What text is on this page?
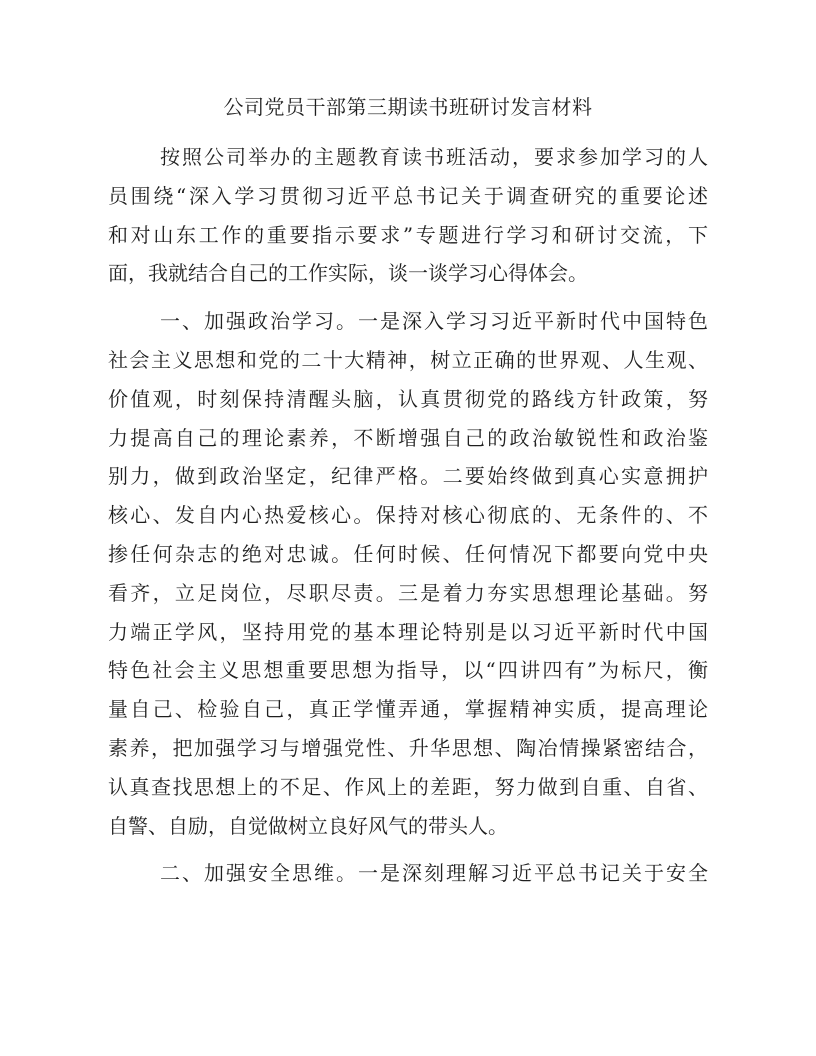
公司党员干部第三期读书班研讨发言材料
按照公司举办的主题教育读书班活动，要求参加学习的人
员围绕“深入学习贯彻习近平总书记关于调查研究的重要论述
和对山东工作的重要指示要求”专题进行学习和研讨交流，下
面，我就结合自己的工作实际，谈一谈学习心得体会。
一、加强政治学习。一是深入学习习近平新时代中国特色
社会主义思想和党的二十大精神，树立正确的世界观、人生观、
价值观，时刻保持清醒头脑，认真贯彻党的路线方针政策，努
力提高自己的理论素养，不断增强自己的政治敏锐性和政治鉴
别力，做到政治坚定，纪律严格。二要始终做到真心实意拥护
核心、发自内心热爱核心。保持对核心彻底的、无条件的、不
掺任何杂志的绝对忠诚。任何时候、任何情况下都要向党中央
看齐，立足岗位，尽职尽责。三是着力夯实思想理论基础。努
力端正学风，坚持用党的基本理论特别是以习近平新时代中国
特色社会主义思想重要思想为指导，以“四讲四有”为标尺，衡
量自己、检验自己，真正学懂弄通，掌握精神实质，提高理论
素养，把加强学习与增强党性、升华思想、陶冶情操紧密结合，
认真查找思想上的不足、作风上的差距，努力做到自重、自省、
自警、自励，自觉做树立良好风气的带头人。
二、加强安全思维。一是深刻理解习近平总书记关于安全
